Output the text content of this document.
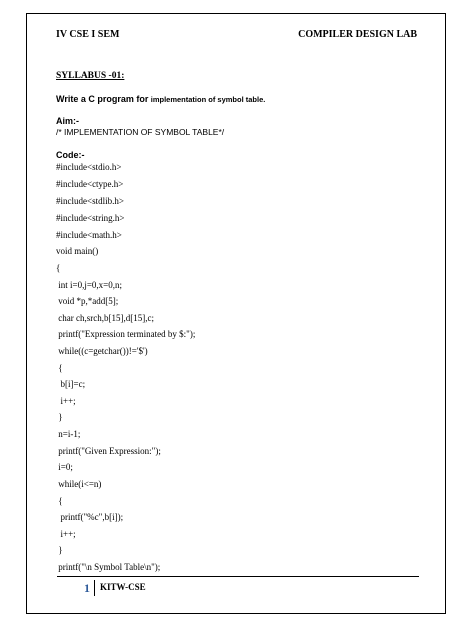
IV CSE I SEM	COMPILER DESIGN LAB
SYLLABUS -01:
Write a C program for implementation of symbol table.
Aim:-
/* IMPLEMENTATION OF SYMBOL TABLE*/
Code:-
#include<stdio.h>
#include<ctype.h>
#include<stdlib.h>
#include<string.h>
#include<math.h>
void main()
{
int i=0,j=0,x=0,n;
void *p,*add[5];
char ch,srch,b[15],d[15],c;
printf("Expression terminated by $:");
while((c=getchar())!='$')
{
b[i]=c;
i++;
}
n=i-1;
printf("Given Expression:");
i=0;
while(i<=n)
{
printf("%c",b[i]);
i++;
}
printf("\n Symbol Table\n");
1 KITW-CSE
